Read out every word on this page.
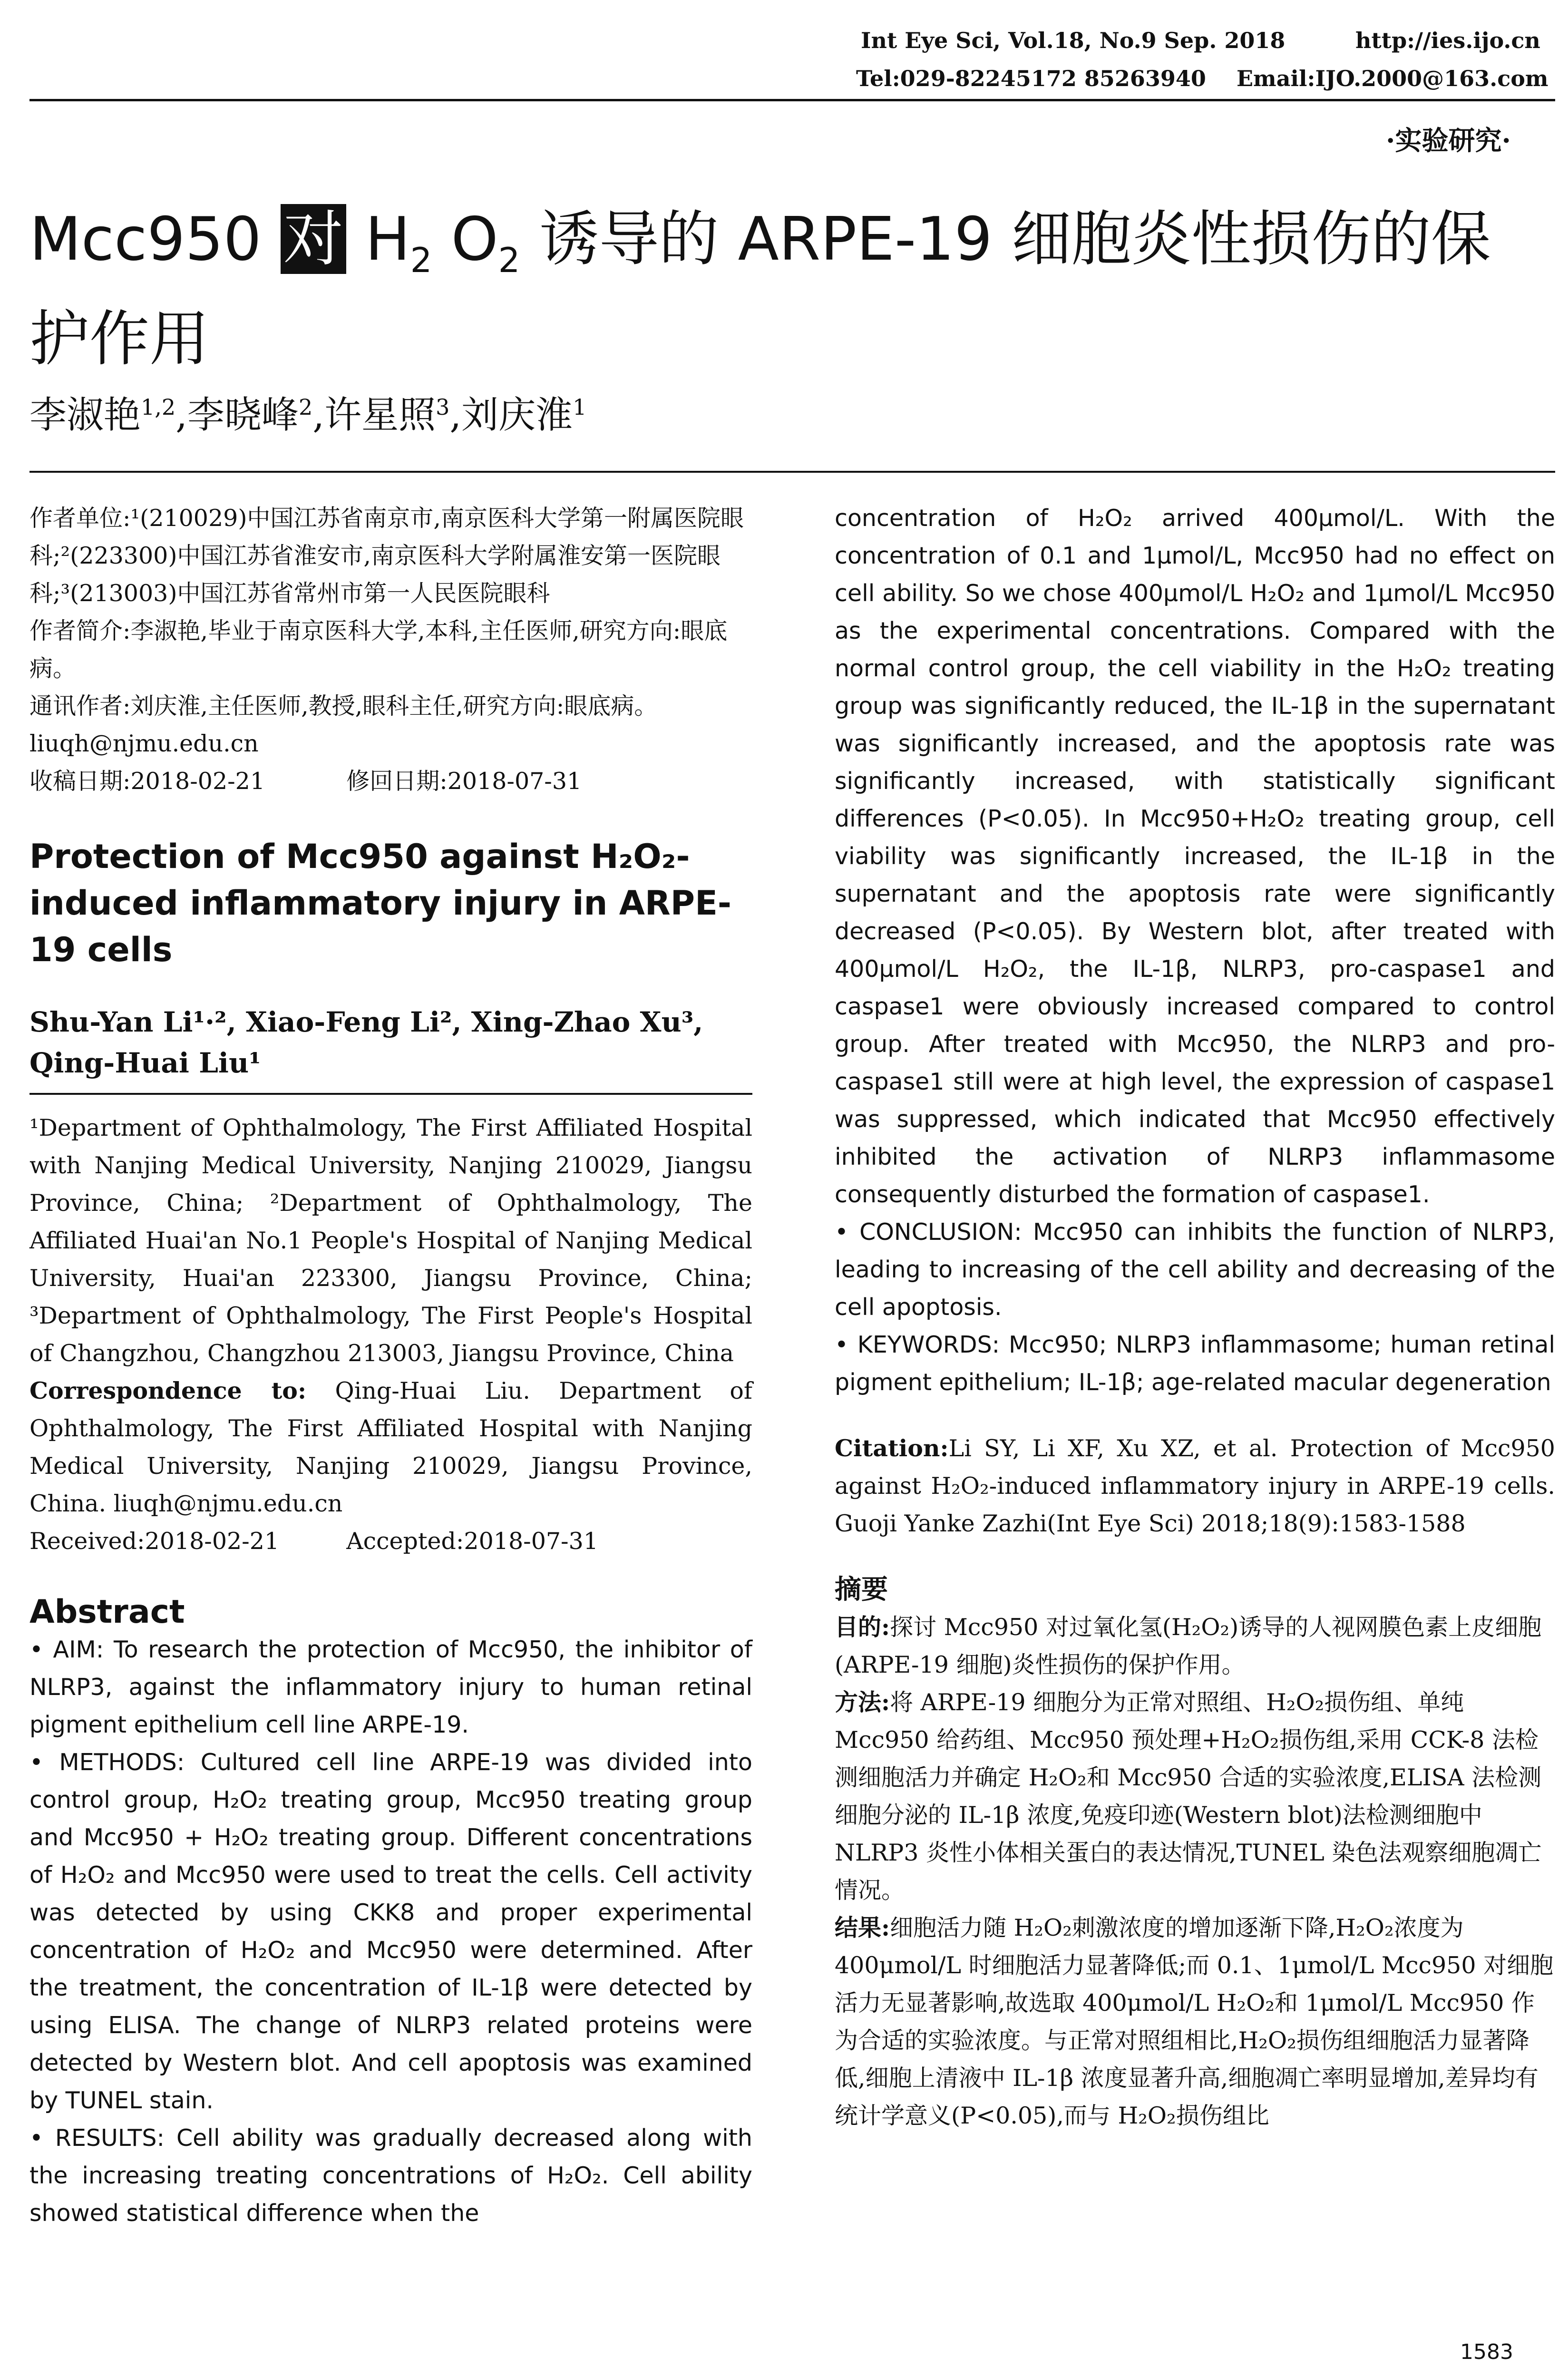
Int Eye Sci, Vol.18, No.9 Sep. 2018	http://ies.ijo.cn
Tel:029-82245172 85263940 Email:IJO.2000@163.com
·实验研究·
Mcc950 对 $H_2$ $O_2$ 诱导的 ARPE-19 细胞炎性损伤的保护作用
李淑艳$^{1,2}$,李晓峰$^2$,许星照$^3$,刘庆淮$^1$

作者单位:¹(210029)中国江苏省南京市,南京医科大学第一附属医院眼科;²(223300)中国江苏省淮安市,南京医科大学附属淮安第一医院眼科;³(213003)中国江苏省常州市第一人民医院眼科

作者简介:李淑艳,毕业于南京医科大学,本科,主任医师,研究方向:眼底病。

通讯作者:刘庆淮,主任医师,教授,眼科主任,研究方向:眼底病。liuqh@njmu.edu.cn

收稿日期:2018-02-21	修回日期:2018-07-31

Protection of Mcc950 against H₂O₂-induced inflammatory injury in ARPE-19 cells
Shu-Yan Li¹·², Xiao-Feng Li², Xing-Zhao Xu³, Qing-Huai Liu¹

¹Department of Ophthalmology, The First Affiliated Hospital with Nanjing Medical University, Nanjing 210029, Jiangsu Province, China; ²Department of Ophthalmology, The Affiliated Huai'an No.1 People's Hospital of Nanjing Medical University, Huai'an 223300, Jiangsu Province, China; ³Department of Ophthalmology, The First People's Hospital of Changzhou, Changzhou 213003, Jiangsu Province, China

Correspondence to: Qing-Huai Liu. Department of Ophthalmology, The First Affiliated Hospital with Nanjing Medical University, Nanjing 210029, Jiangsu Province, China. liuqh@njmu.edu.cn

Received:2018-02-21	Accepted:2018-07-31

Abstract

• AIM: To research the protection of Mcc950, the inhibitor of NLRP3, against the inflammatory injury to human retinal pigment epithelium cell line ARPE-19.

• METHODS: Cultured cell line ARPE-19 was divided into control group, H₂O₂ treating group, Mcc950 treating group and Mcc950 + H₂O₂ treating group. Different concentrations of H₂O₂ and Mcc950 were used to treat the cells. Cell activity was detected by using CKK8 and proper experimental concentration of H₂O₂ and Mcc950 were determined. After the treatment, the concentration of IL-1β were detected by using ELISA. The change of NLRP3 related proteins were detected by Western blot. And cell apoptosis was examined by TUNEL stain.

• RESULTS: Cell ability was gradually decreased along with the increasing treating concentrations of H₂O₂. Cell ability showed statistical difference when the

concentration of H₂O₂ arrived 400μmol/L. With the concentration of 0.1 and 1μmol/L, Mcc950 had no effect on cell ability. So we chose 400μmol/L H₂O₂ and 1μmol/L Mcc950 as the experimental concentrations. Compared with the normal control group, the cell viability in the H₂O₂ treating group was significantly reduced, the IL-1β in the supernatant was significantly increased, and the apoptosis rate was significantly increased, with statistically significant differences (P<0.05). In Mcc950+H₂O₂ treating group, cell viability was significantly increased, the IL-1β in the supernatant and the apoptosis rate were significantly decreased (P<0.05). By Western blot, after treated with 400μmol/L H₂O₂, the IL-1β, NLRP3, pro-caspase1 and caspase1 were obviously increased compared to control group. After treated with Mcc950, the NLRP3 and pro-caspase1 still were at high level, the expression of caspase1 was suppressed, which indicated that Mcc950 effectively inhibited the activation of NLRP3 inflammasome consequently disturbed the formation of caspase1.

• CONCLUSION: Mcc950 can inhibits the function of NLRP3, leading to increasing of the cell ability and decreasing of the cell apoptosis.

• KEYWORDS: Mcc950; NLRP3 inflammasome; human retinal pigment epithelium; IL-1β; age-related macular degeneration

Citation:Li SY, Li XF, Xu XZ, et al. Protection of Mcc950 against H₂O₂-induced inflammatory injury in ARPE-19 cells. Guoji Yanke Zazhi(Int Eye Sci) 2018;18(9):1583-1588

摘要

目的:探讨 Mcc950 对过氧化氢(H₂O₂)诱导的人视网膜色素上皮细胞(ARPE-19 细胞)炎性损伤的保护作用。

方法:将 ARPE-19 细胞分为正常对照组、H₂O₂损伤组、单纯 Mcc950 给药组、Mcc950 预处理+H₂O₂损伤组,采用 CCK-8 法检测细胞活力并确定 H₂O₂和 Mcc950 合适的实验浓度,ELISA 法检测细胞分泌的 IL-1β 浓度,免疫印迹(Western blot)法检测细胞中 NLRP3 炎性小体相关蛋白的表达情况,TUNEL 染色法观察细胞凋亡情况。

结果:细胞活力随 H₂O₂刺激浓度的增加逐渐下降,H₂O₂浓度为 400μmol/L 时细胞活力显著降低;而 0.1、1μmol/L Mcc950 对细胞活力无显著影响,故选取 400μmol/L H₂O₂和 1μmol/L Mcc950 作为合适的实验浓度。与正常对照组相比,H₂O₂损伤组细胞活力显著降低,细胞上清液中 IL-1β 浓度显著升高,细胞凋亡率明显增加,差异均有统计学意义(P<0.05),而与 H₂O₂损伤组比

1583
